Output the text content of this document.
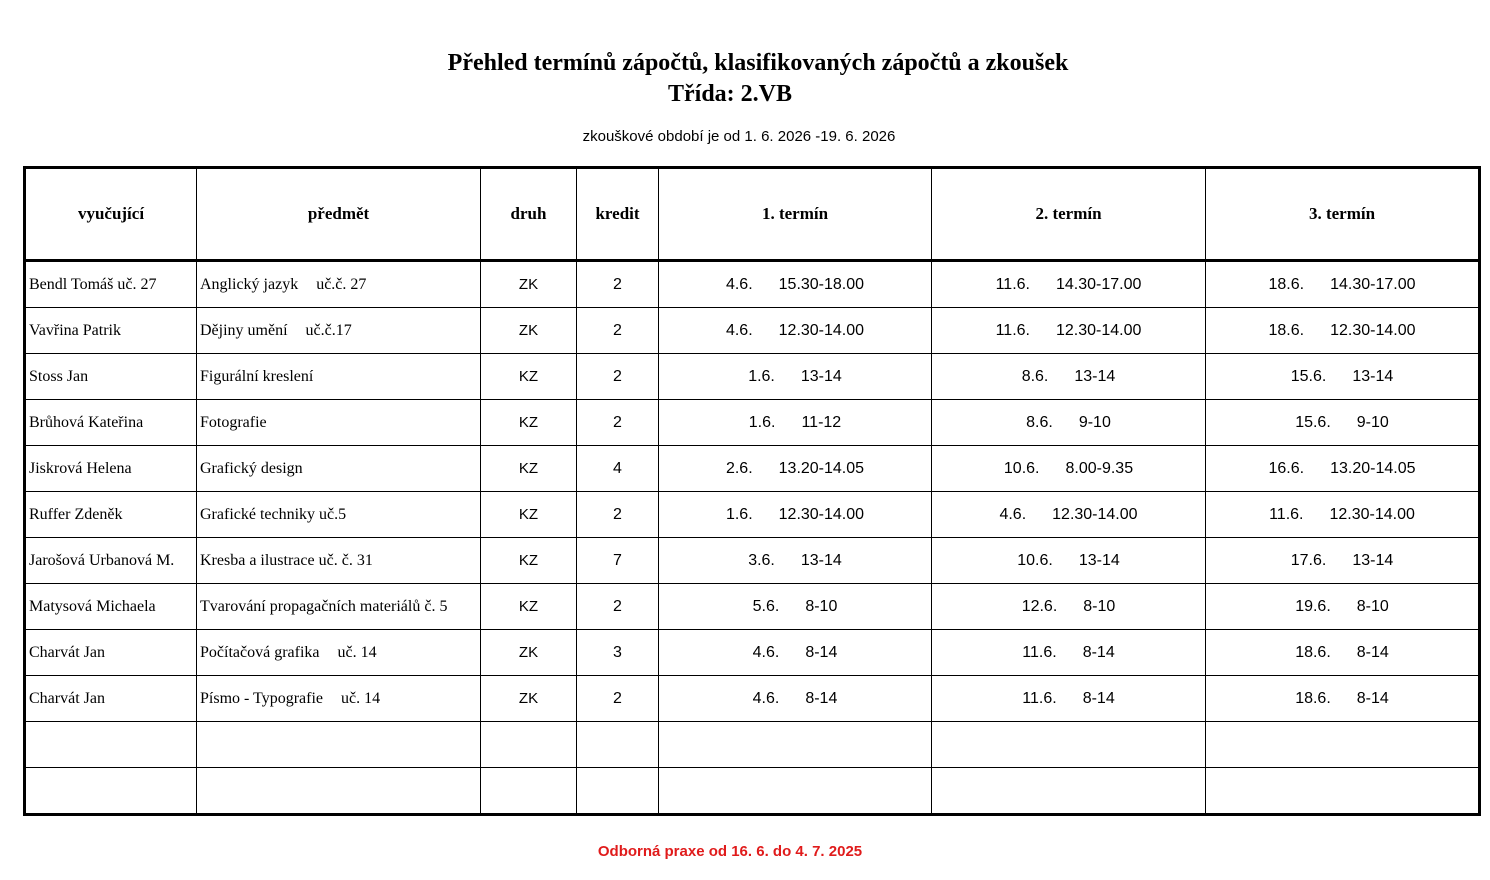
Přehled termínů zápočtů, klasifikovaných zápočtů a zkoušek
Třída: 2.VB
zkouškové období je od 1. 6. 2026 -19. 6. 2026
vyučující	předmět	druh	kredit	1. termín	2. termín	3. termín
Bendl Tomáš uč. 27	Anglický jazyk uč.č. 27	ZK	2	4.6. 15.30-18.00	11.6. 14.30-17.00	18.6. 14.30-17.00
Vavřina Patrik	Dějiny umění uč.č.17	ZK	2	4.6. 12.30-14.00	11.6. 12.30-14.00	18.6. 12.30-14.00
Stoss Jan	Figurální kreslení	KZ	2	1.6. 13-14	8.6. 13-14	15.6. 13-14
Brůhová Kateřina	Fotografie	KZ	2	1.6. 11-12	8.6. 9-10	15.6. 9-10
Jiskrová Helena	Grafický design	KZ	4	2.6. 13.20-14.05	10.6. 8.00-9.35	16.6. 13.20-14.05
Ruffer Zdeněk	Grafické techniky uč.5	KZ	2	1.6. 12.30-14.00	4.6. 12.30-14.00	11.6. 12.30-14.00
Jarošová Urbanová M.	Kresba a ilustrace uč. č. 31	KZ	7	3.6. 13-14	10.6. 13-14	17.6. 13-14
Matysová Michaela	Tvarování propagačních materiálů č. 5	KZ	2	5.6. 8-10	12.6. 8-10	19.6. 8-10
Charvát Jan	Počítačová grafika uč. 14	ZK	3	4.6. 8-14	11.6. 8-14	18.6. 8-14
Charvát Jan	Písmo - Typografie uč. 14	ZK	2	4.6. 8-14	11.6. 8-14	18.6. 8-14

Odborná praxe od 16. 6. do 4. 7. 2025
